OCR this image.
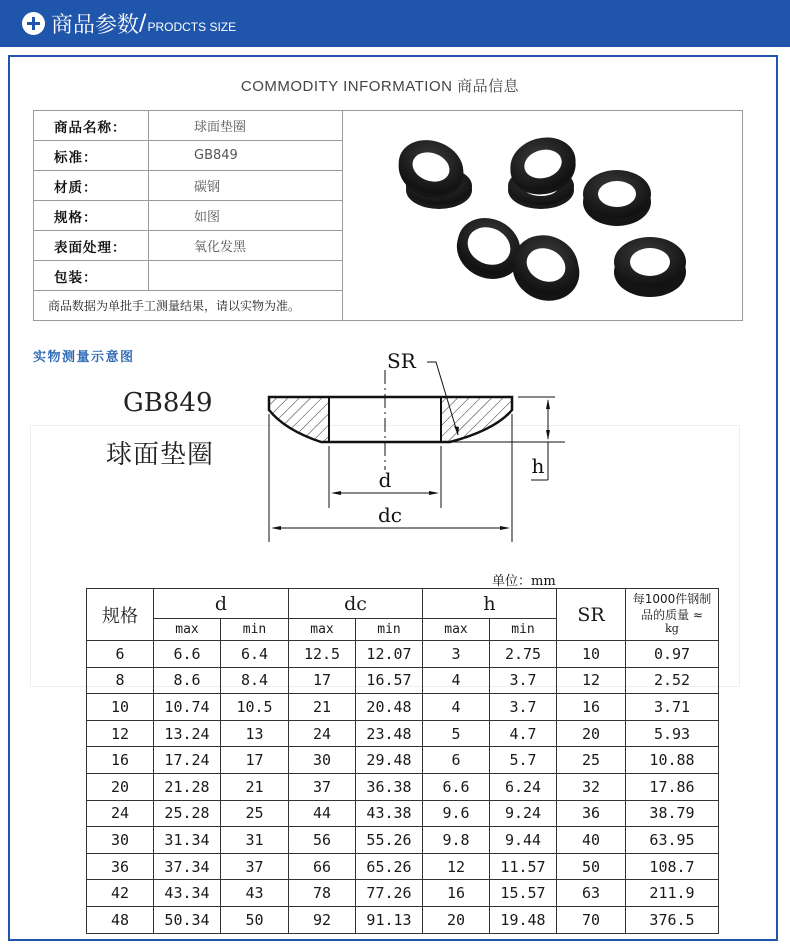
商品参数 / PRODCTS SIZE
COMMODITY INFORMATION 商品信息
商品名称：	球面垫圈	

标准：	GB849	
材质：	碳钢	
规格：	如图	
表面处理：	氧化发黑	
包装：		
商品数据为单批手工测量结果，请以实物为准。		
实物测量示意图
GB849
球面垫圈
SR
d
dc
h
单位：mm
规格	d		dc		h		SR	每1000件钢制
品的质量 ≈
kg

	max	min	max	min	max	min		
6	6.6	6.4	12.5	12.07	3	2.75	10	0.97
8	8.6	8.4	17	16.57	4	3.7	12	2.52
10	10.74	10.5	21	20.48	4	3.7	16	3.71
12	13.24	13	24	23.48	5	4.7	20	5.93
16	17.24	17	30	29.48	6	5.7	25	10.88
20	21.28	21	37	36.38	6.6	6.24	32	17.86
24	25.28	25	44	43.38	9.6	9.24	36	38.79
30	31.34	31	56	55.26	9.8	9.44	40	63.95
36	37.34	37	66	65.26	12	11.57	50	108.7
42	43.34	43	78	77.26	16	15.57	63	211.9
48	50.34	50	92	91.13	20	19.48	70	376.5
